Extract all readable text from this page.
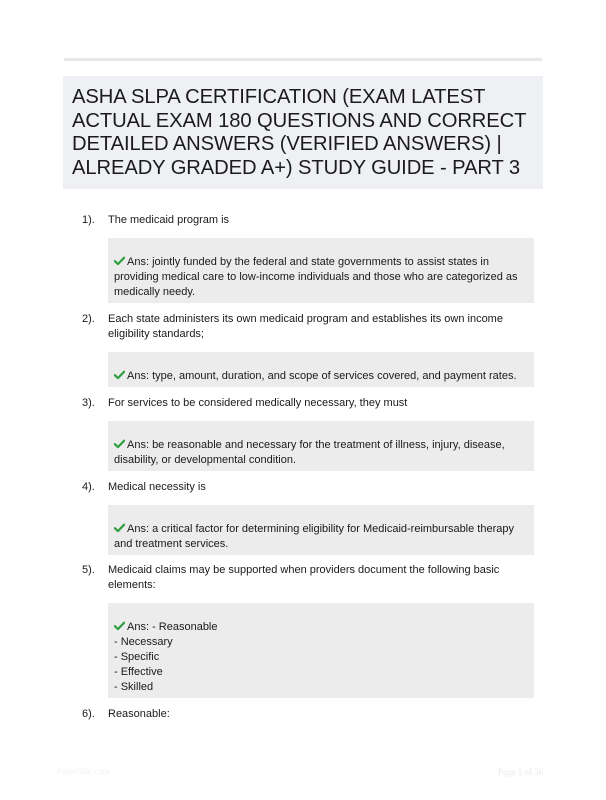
ASHA SLPA CERTIFICATION (EXAM LATEST ACTUAL EXAM 180 QUESTIONS AND CORRECT DETAILED ANSWERS (VERIFIED ANSWERS) | ALREADY GRADED A+) STUDY GUIDE - PART 3
1). The medicaid program is

Ans: jointly funded by the federal and state governments to assist states in providing medical care to low-income individuals and those who are categorized as medically needy.

2). Each state administers its own medicaid program and establishes its own income eligibility standards;

Ans: type, amount, duration, and scope of services covered, and payment rates.

3). For services to be considered medically necessary, they must

Ans: be reasonable and necessary for the treatment of illness, injury, disease, disability, or developmental condition.

4). Medical necessity is

Ans: a critical factor for determining eligibility for Medicaid-reimbursable therapy and treatment services.

5). Medicaid claims may be supported when providers document the following basic elements:

Ans: - Reasonable
- Necessary
- Specific
- Effective
- Skilled

6). Reasonable:
PaperSite.com	Page 1 of 36
